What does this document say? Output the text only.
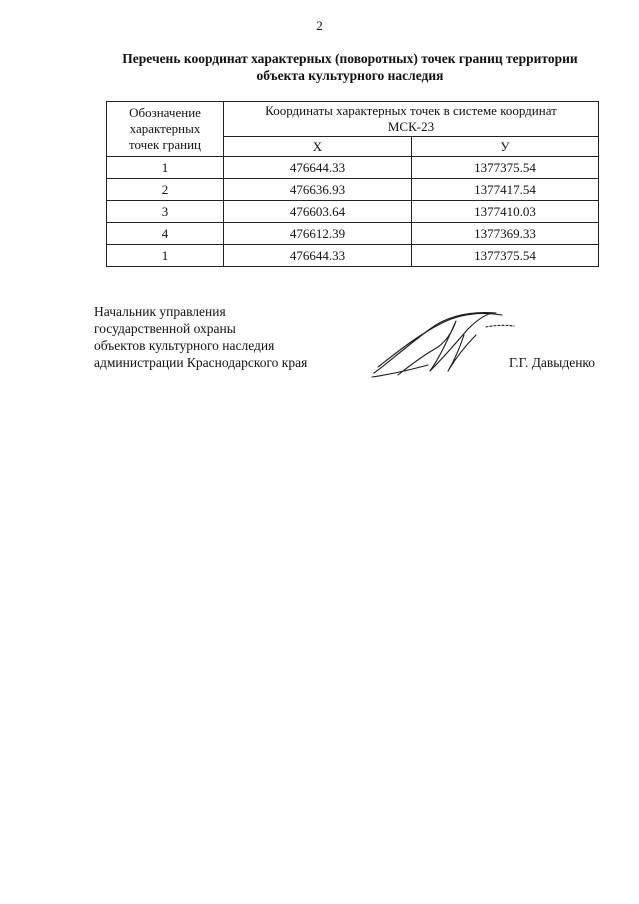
2
Перечень координат характерных (поворотных) точек границ территории
объекта культурного наследия
Обозначение
характерных
точек границ	Координаты характерных точек в системе координат
МСК-23	

	Х	У
1	476644.33	1377375.54
2	476636.93	1377417.54
3	476603.64	1377410.03
4	476612.39	1377369.33
1	476644.33	1377375.54
Начальник управления
государственной охраны
объектов культурного наследия
администрации Краснодарского края	Г.Г. Давыденко
